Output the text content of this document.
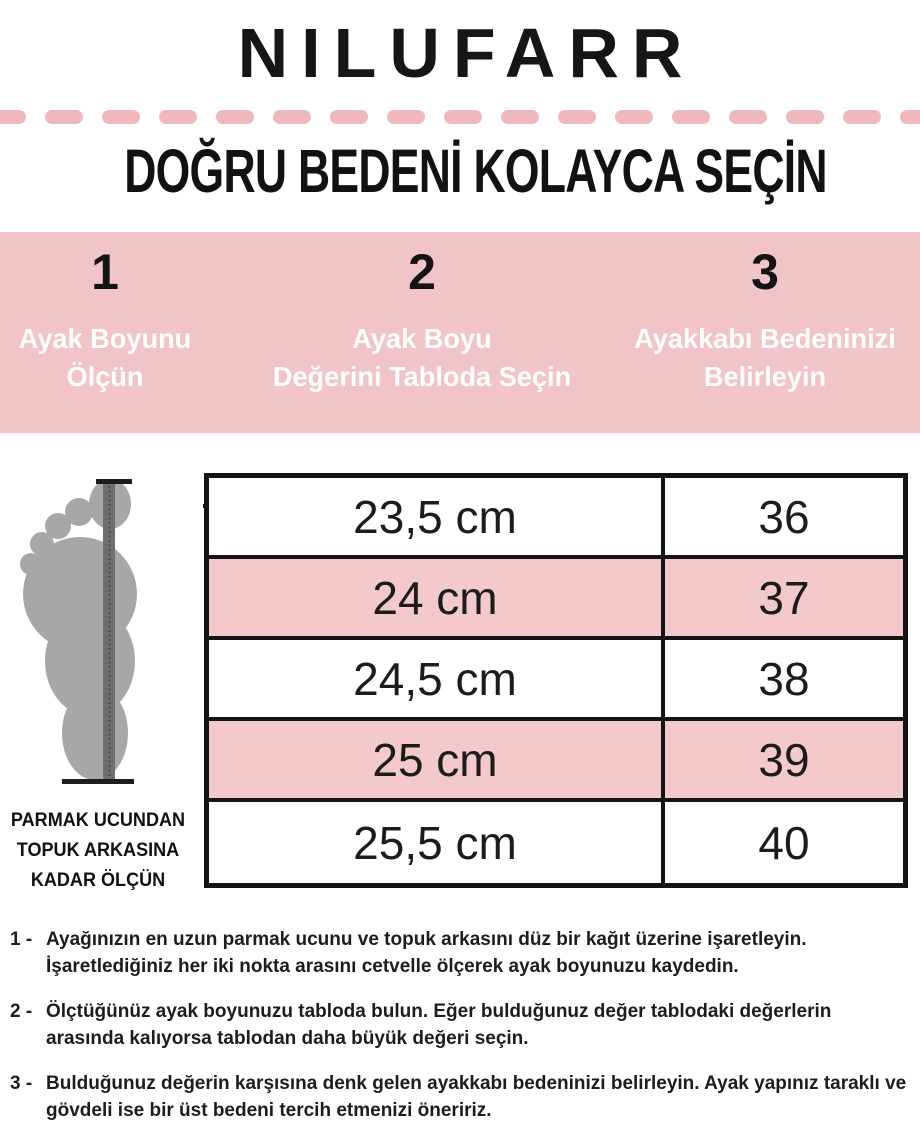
NILUFARR
DOĞRU BEDENİ KOLAYCA SEÇİN
1
Ayak Boyunu
Ölçün
2
Ayak Boyu
Değerini Tabloda Seçin
3
Ayakkabı Bedeninizi
Belirleyin
PARMAK UCUNDAN
TOPUK ARKASINA
KADAR ÖLÇÜN
23,5 cm	36
24 cm	37
24,5 cm	38
25 cm	39
25,5 cm	40
1 - Ayağınızın en uzun parmak ucunu ve topuk arkasını düz bir kağıt üzerine işaretleyin. İşaretlediğiniz her iki nokta arasını cetvelle ölçerek ayak boyunuzu kaydedin.
2 - Ölçtüğünüz ayak boyunuzu tabloda bulun. Eğer bulduğunuz değer tablodaki değerlerin arasında kalıyorsa tablodan daha büyük değeri seçin.
3 - Bulduğunuz değerin karşısına denk gelen ayakkabı bedeninizi belirleyin. Ayak yapınız taraklı ve gövdeli ise bir üst bedeni tercih etmenizi öneririz.
